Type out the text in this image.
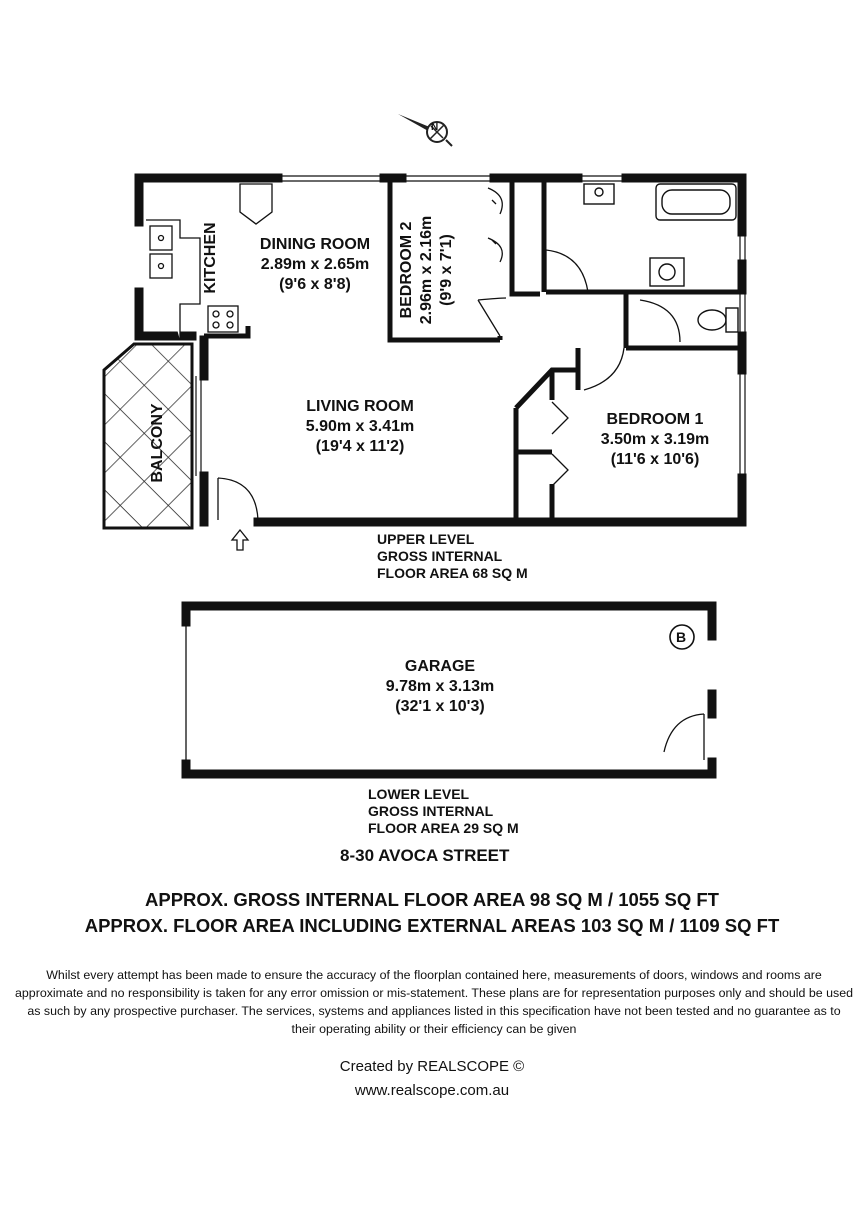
N
DINING ROOM
2.89m x 2.65m
(9'6 x 8'8)
KITCHEN	BEDROOM 2 2.96m x 2.16m (9'9 x 7'1)
LIVING ROOM
5.90m x 3.41m
(19'4 x 11'2)
BEDROOM 1
3.50m x 3.19m
(11'6 x 10'6)
BALCONY
UPPER LEVEL
GROSS INTERNAL
FLOOR AREA 68 SQ M
B
GARAGE
9.78m x 3.13m
(32'1 x 10'3)
LOWER LEVEL
GROSS INTERNAL
FLOOR AREA 29 SQ M
8-30 AVOCA STREET
APPROX. GROSS INTERNAL FLOOR AREA 98 SQ M / 1055 SQ FT
APPROX. FLOOR AREA INCLUDING EXTERNAL AREAS 103 SQ M / 1109 SQ FT
Whilst every attempt has been made to ensure the accuracy of the floorplan contained here, measurements of doors, windows and rooms are approximate and no responsibility is taken for any error omission or mis-statement. These plans are for representation purposes only and should be used as such by any prospective purchaser. The services, systems and appliances listed in this specification have not been tested and no guarantee as to their operating ability or their efficiency can be given
Created by REALSCOPE ©
www.realscope.com.au
